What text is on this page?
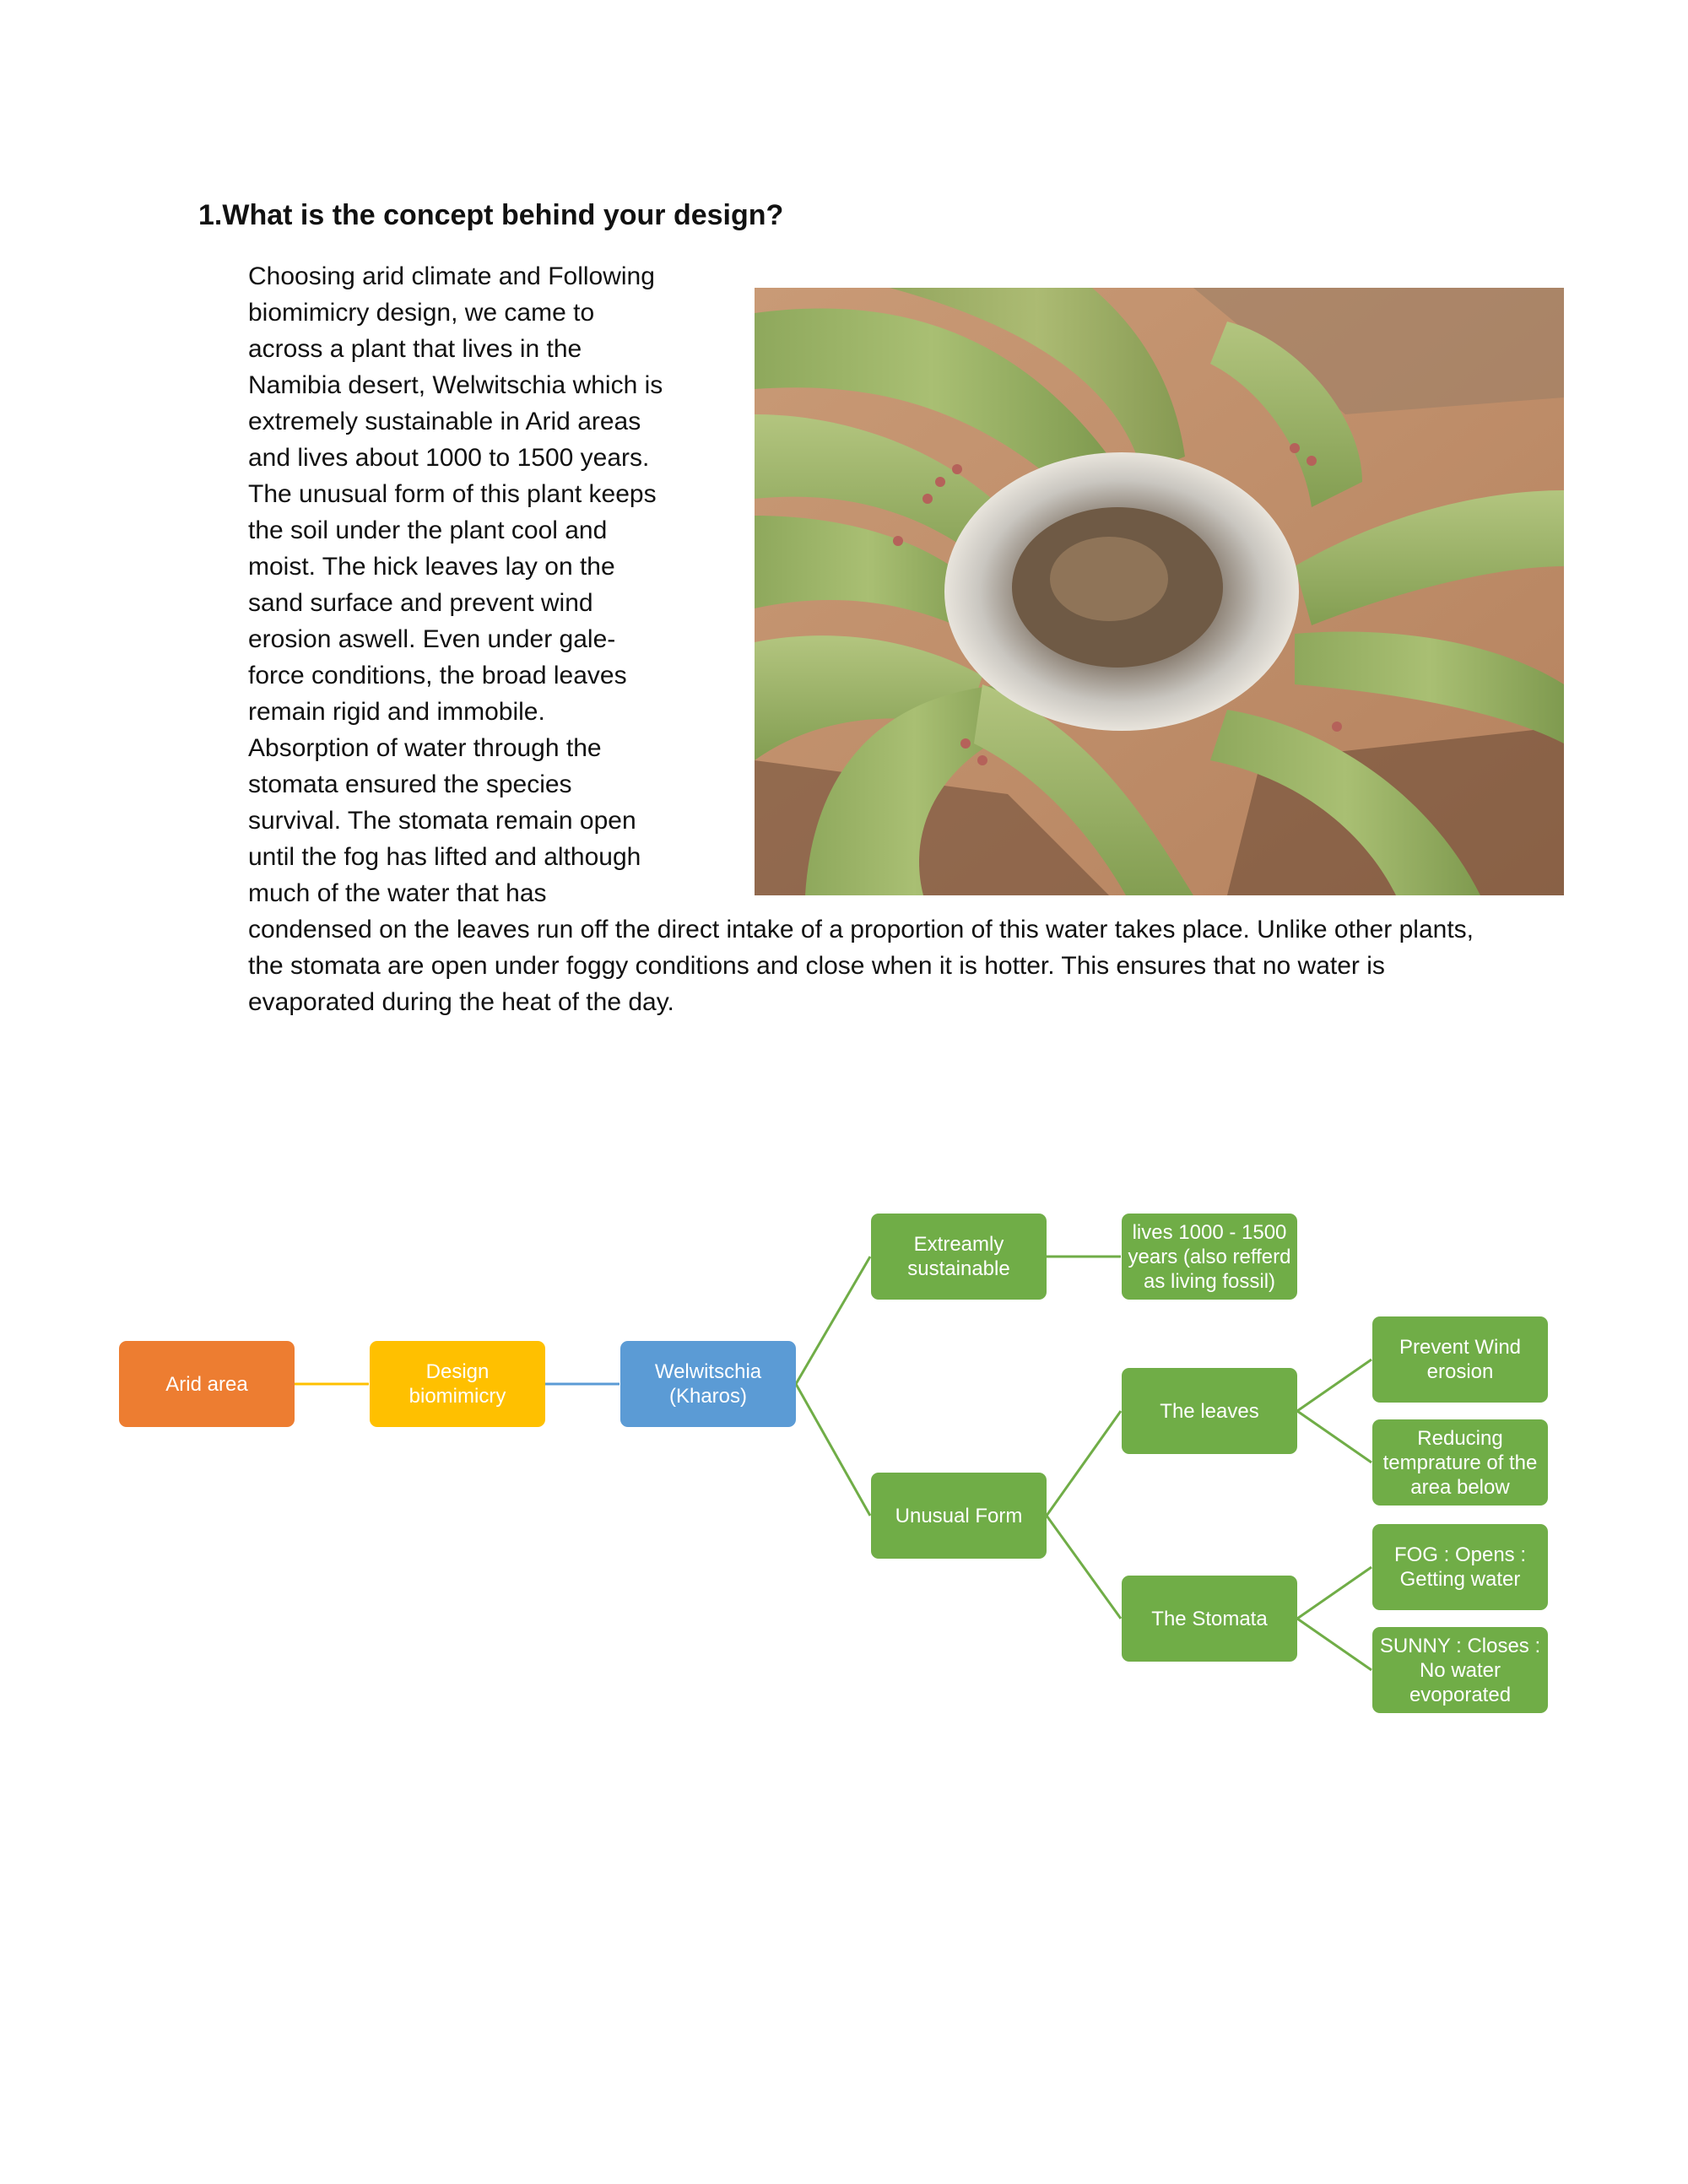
1.What is the concept behind your design?
Choosing arid climate and Following biomimicry design, we came to across a plant that lives in the Namibia desert, Welwitschia which is extremely sustainable in Arid areas and lives about 1000 to 1500 years. The unusual form of this plant keeps the soil under the plant cool and moist. The hick leaves lay on the sand surface and prevent wind erosion aswell. Even under gale-force conditions, the broad leaves remain rigid and immobile. Absorption of water through the stomata ensured the species survival. The stomata remain open until the fog has lifted and although much of the water that has condensed on the leaves run off the direct intake of a proportion of this water takes place. Unlike other plants, the stomata are open under foggy conditions and close when it is hotter. This ensures that no water is evaporated during the heat of the day.
Arid area
Design biomimicry
Welwitschia (Kharos)
Extreamly sustainable
lives 1000 - 1500 years (also refferd as living fossil)
Unusual Form
The leaves
Prevent Wind erosion
Reducing temprature of the area below
The Stomata
FOG : Opens : Getting water
SUNNY : Closes : No water evoporated
